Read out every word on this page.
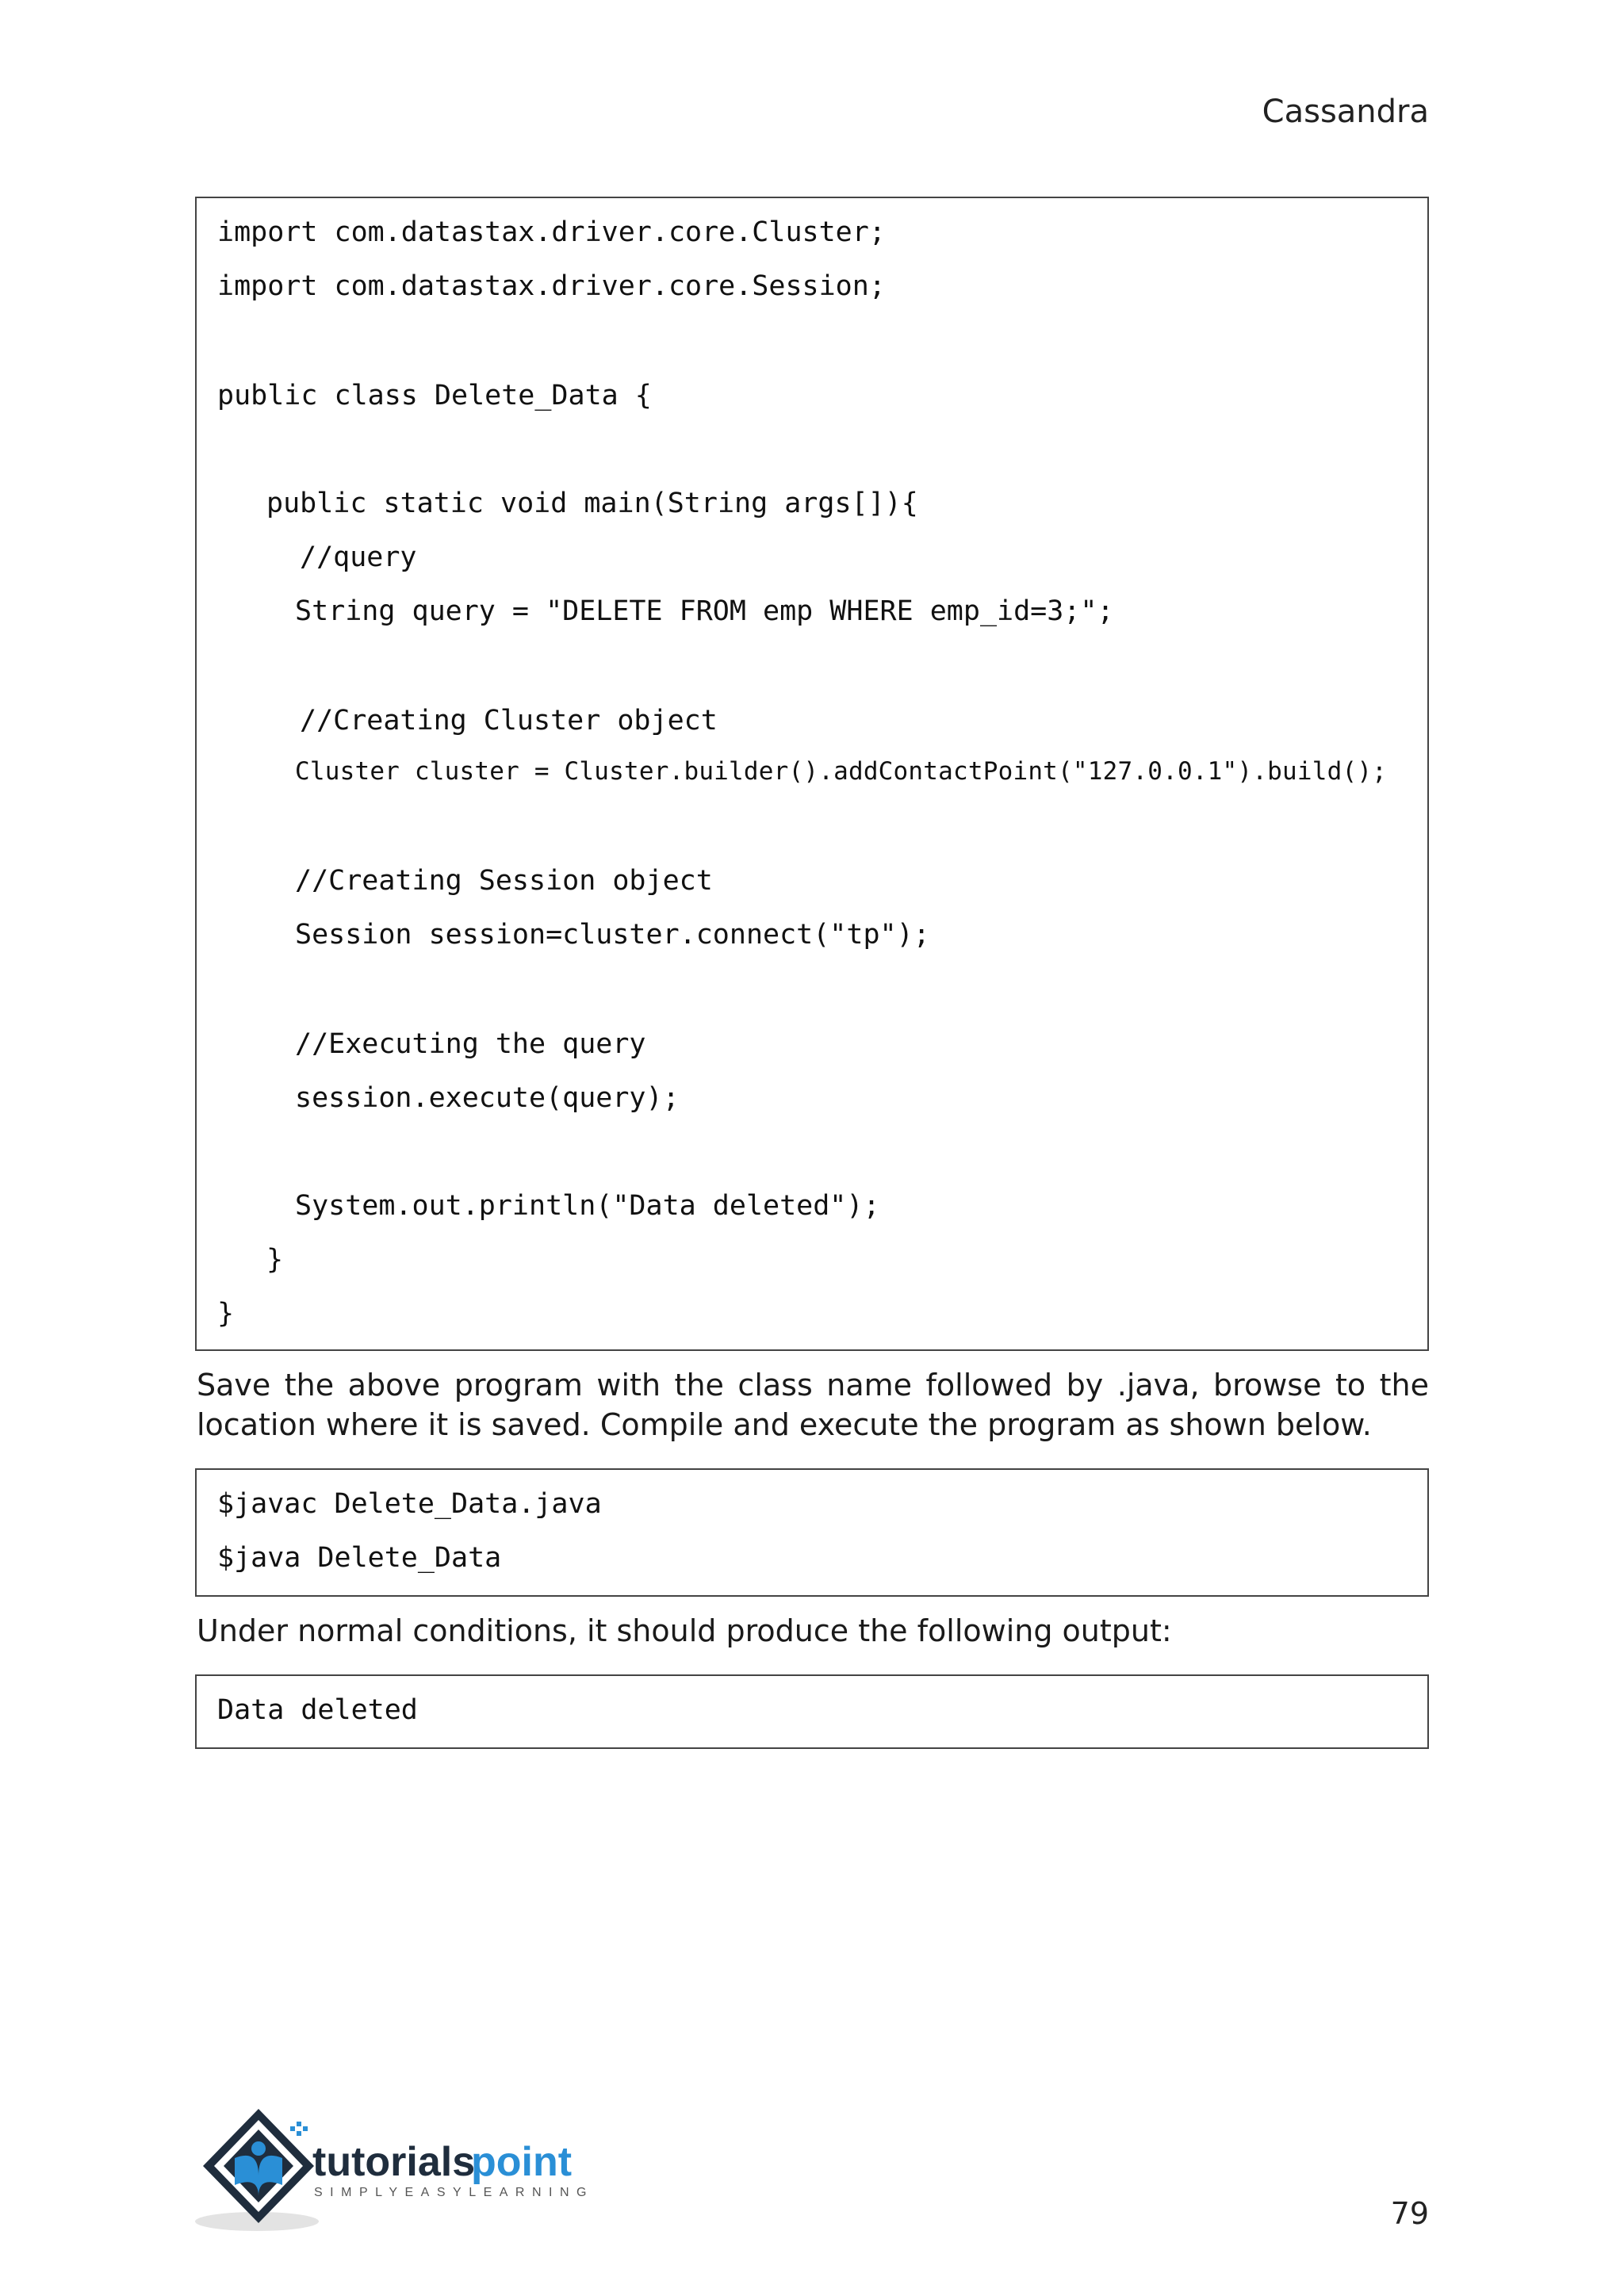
Cassandra
import com.datastax.driver.core.Cluster;
import com.datastax.driver.core.Session;
public class Delete_Data {
public static void main(String args[]){
//query
String query = "DELETE FROM emp WHERE emp_id=3;";
//Creating Cluster object
Cluster cluster = Cluster.builder().addContactPoint("127.0.0.1").build();
//Creating Session object
Session session=cluster.connect("tp");
//Executing the query
session.execute(query);
System.out.println("Data deleted");
}
}
Save the above program with the class name followed by .java, browse to the location where it is saved. Compile and execute the program as shown below.
$javac Delete_Data.java
$java Delete_Data
Under normal conditions, it should produce the following output:
Data deleted
tutorials
point
SIMPLYEASYLEARNING
79
